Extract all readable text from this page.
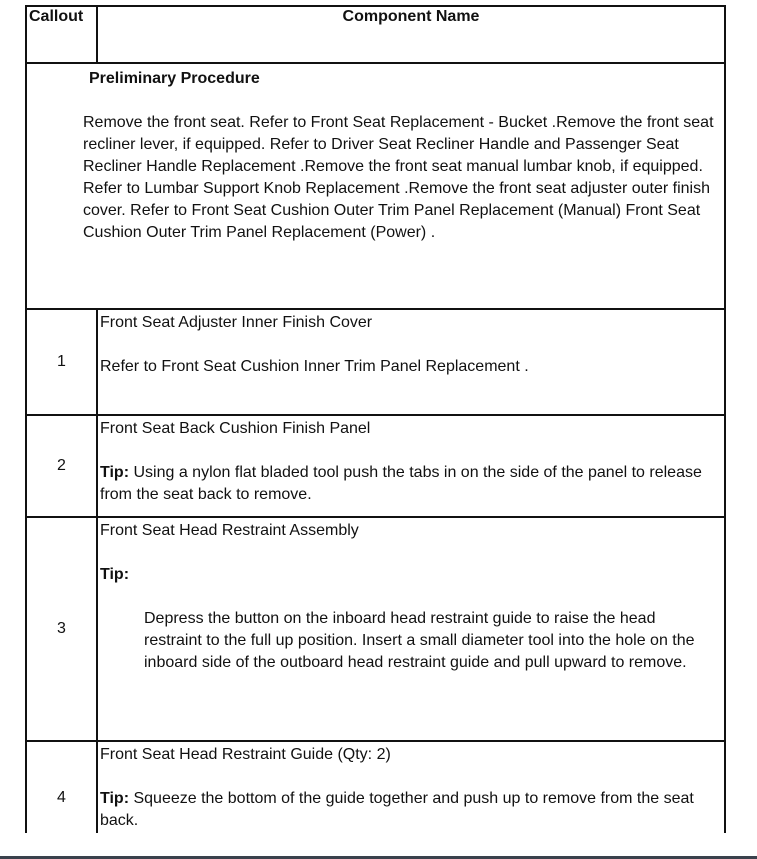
Callout	Component Name

Preliminary Procedure
Remove the front seat. Refer to Front Seat Replacement - Bucket .Remove the front seat recliner lever, if equipped. Refer to Driver Seat Recliner Handle and Passenger Seat Recliner Handle Replacement .Remove the front seat manual lumbar knob, if equipped. Refer to Lumbar Support Knob Replacement .Remove the front seat adjuster outer finish cover. Refer to Front Seat Cushion Outer Trim Panel Replacement (Manual) Front Seat Cushion Outer Trim Panel Replacement (Power) .	

1	Front Seat Adjuster Inner Finish Cover
Refer to Front Seat Cushion Inner Trim Panel Replacement .

2	Front Seat Back Cushion Finish Panel
Tip: Using a nylon flat bladed tool push the tabs in on the side of the panel to release from the seat back to remove.
3	Front Seat Head Restraint Assembly
Tip:
Depress the button on the inboard head restraint guide to raise the head restraint to the full up position. Insert a small diameter tool into the hole on the inboard side of the outboard head restraint guide and pull upward to remove.

4	Front Seat Head Restraint Guide (Qty: 2)
Tip: Squeeze the bottom of the guide together and push up to remove from the seat back.
